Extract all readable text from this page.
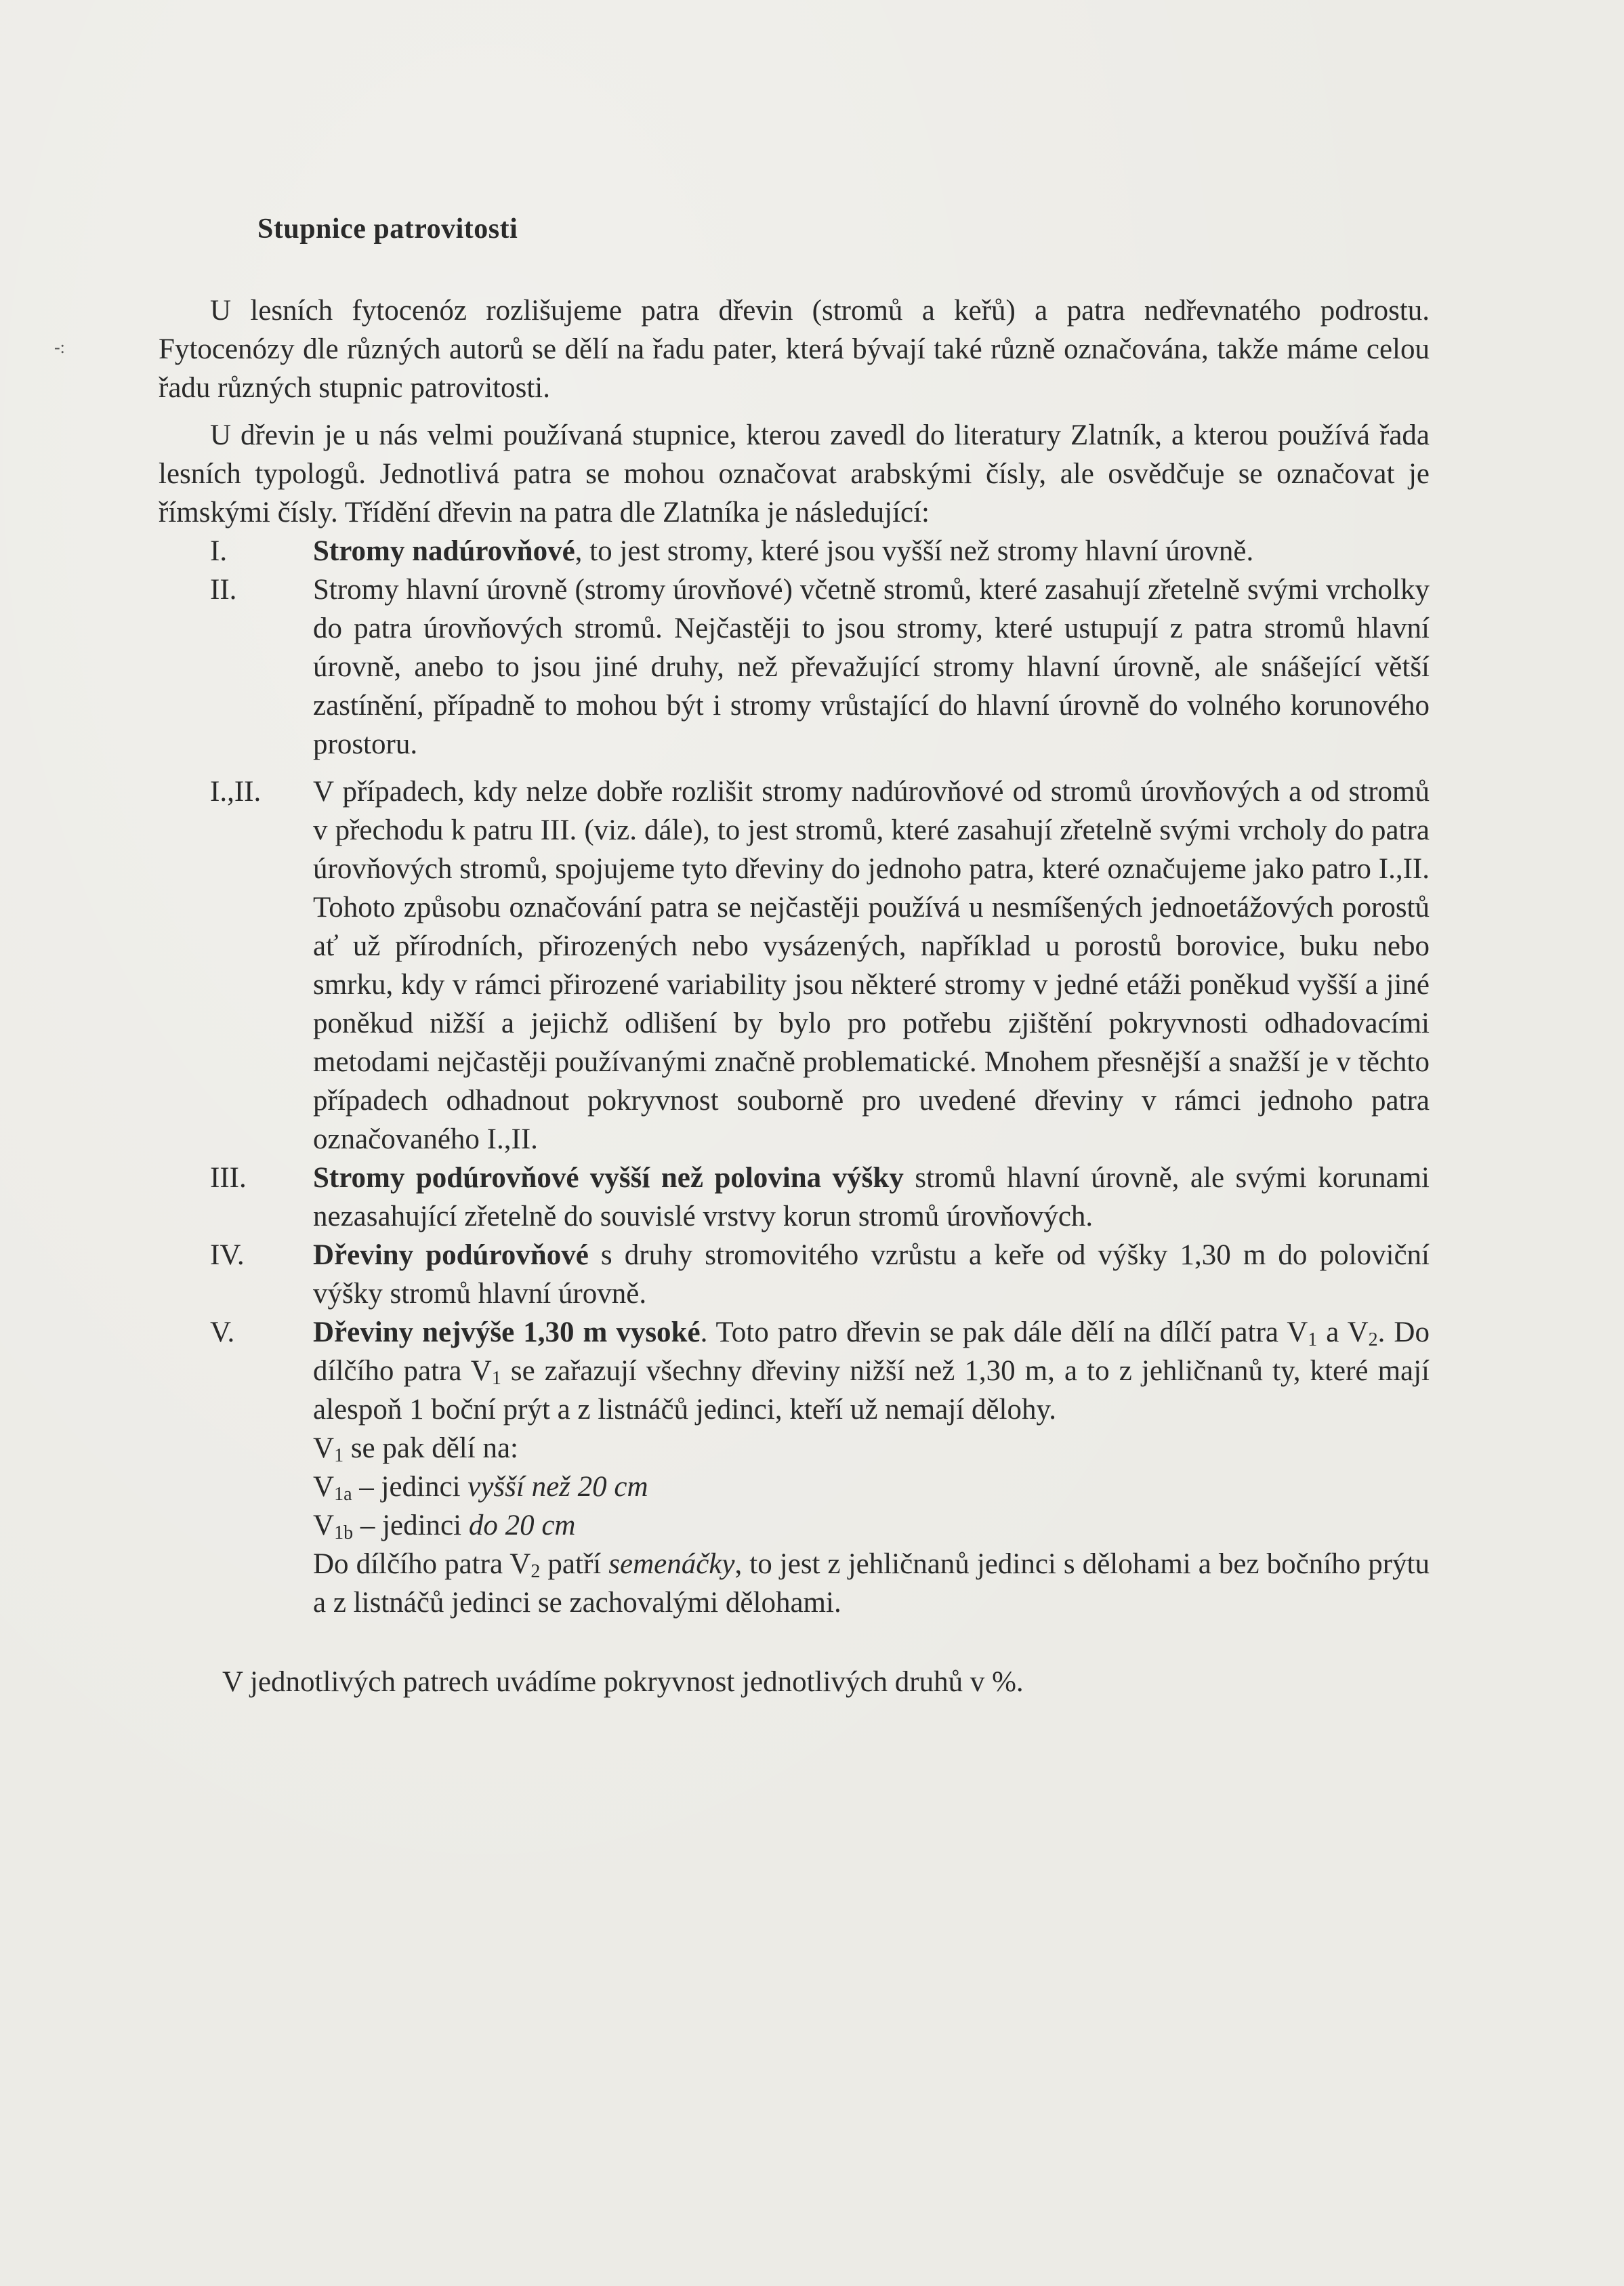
-:
Stupnice patrovitosti

U lesních fytocenóz rozlišujeme patra dřevin (stromů a keřů) a patra nedřevnatého podrostu. Fytocenózy dle různých autorů se dělí na řadu pater, která bývají také různě označována, takže máme celou řadu různých stupnic patrovitosti.

U dřevin je u nás velmi používaná stupnice, kterou zavedl do literatury Zlatník, a kterou používá řada lesních typologů. Jednotlivá patra se mohou označovat arabskými čísly, ale osvědčuje se označovat je římskými čísly. Třídění dřevin na patra dle Zlatníka je následující:

I.	Stromy nadúrovňové, to jest stromy, které jsou vyšší než stromy hlavní úrovně.
II.	Stromy hlavní úrovně (stromy úrovňové) včetně stromů, které zasahují zřetelně svými vrcholky do patra úrovňových stromů. Nejčastěji to jsou stromy, které ustupují z patra stromů hlavní úrovně, anebo to jsou jiné druhy, než převažující stromy hlavní úrovně, ale snášející větší zastínění, případně to mohou být i stromy vrůstající do hlavní úrovně do volného korunového prostoru.
I.,II.	V případech, kdy nelze dobře rozlišit stromy nadúrovňové od stromů úrovňových a od stromů v přechodu k patru III. (viz. dále), to jest stromů, které zasahují zřetelně svými vrcholy do patra úrovňových stromů, spojujeme tyto dřeviny do jednoho patra, které označujeme jako patro I.,II. Tohoto způsobu označování patra se nejčastěji používá u nesmíšených jednoetážových porostů ať už přírodních, přirozených nebo vysázených, například u porostů borovice, buku nebo smrku, kdy v rámci přirozené variability jsou některé stromy v jedné etáži poněkud vyšší a jiné poněkud nižší a jejichž odlišení by bylo pro potřebu zjištění pokryvnosti odhadovacími metodami nejčastěji používanými značně problematické. Mnohem přesnější a snažší je v těchto případech odhadnout pokryvnost souborně pro uvedené dřeviny v rámci jednoho patra označovaného I.,II.
III.	Stromy podúrovňové vyšší než polovina výšky stromů hlavní úrovně, ale svými korunami nezasahující zřetelně do souvislé vrstvy korun stromů úrovňových.
IV.	Dřeviny podúrovňové s druhy stromovitého vzrůstu a keře od výšky 1,30 m do poloviční výšky stromů hlavní úrovně.
V.	Dřeviny nejvýše 1,30 m vysoké. Toto patro dřevin se pak dále dělí na dílčí patra $V_1$ a $V_2$. Do dílčího patra $V_1$ se zařazují všechny dřeviny nižší než 1,30 m, a to z jehličnanů ty, které mají alespoň 1 boční prýt a z listnáčů jedinci, kteří už nemají dělohy.
$V_1$ se pak dělí na:
$V_{1a}$ – jedinci vyšší než 20 cm
$V_{1b}$ – jedinci do 20 cm
Do dílčího patra $V_2$ patří semenáčky, to jest z jehličnanů jedinci s dělohami a bez bočního prýtu a z listnáčů jedinci se zachovalými dělohami.

V jednotlivých patrech uvádíme pokryvnost jednotlivých druhů v %.
